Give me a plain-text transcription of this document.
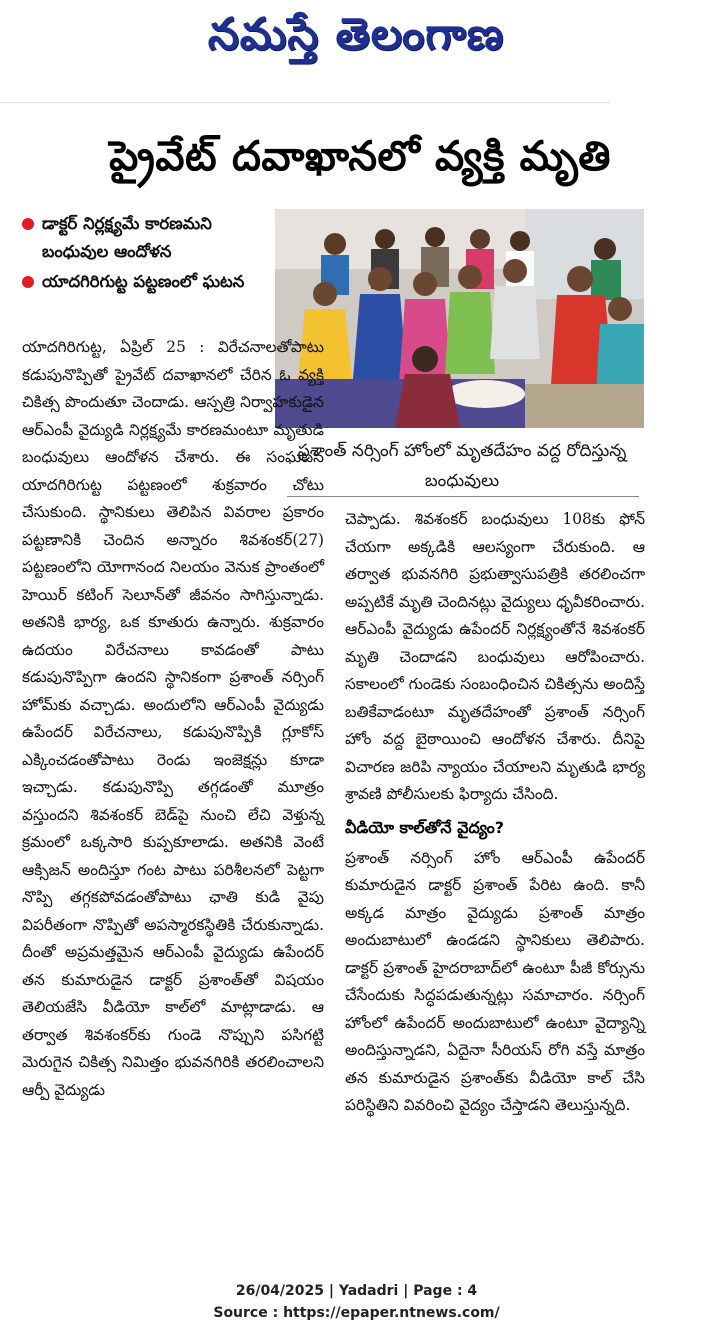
నమస్తే తెలంగాణ
ప్రైవేట్ దవాఖానలో వ్యక్తి మృతి
డాక్టర్ నిర్లక్ష్యమే కారణమని బంధువుల ఆందోళన
యాదగిరిగుట్ట పట్టణంలో ఘటన
ప్రశాంత్ నర్సింగ్ హోంలో మృతదేహం వద్ద రోదిస్తున్న బంధువులు
యాదగిరిగుట్ట, ఏప్రిల్ 25 : విరేచనాలతోపాటు కడుపునొప్పితో ప్రైవేట్ దవాఖానలో చేరిన ఓ వ్యక్తి చికిత్స పొందుతూ చెందాడు. ఆస్పత్రి నిర్వాహకుడైన ఆర్ఎంపీ వైద్యుడి నిర్లక్ష్యమే కారణమంటూ మృతుడి బంధువులు ఆందోళన చేశారు. ఈ సంఘటన యాదగిరిగుట్ట పట్టణంలో శుక్రవారం చోటు చేసుకుంది. స్థానికులు తెలిపిన వివరాల ప్రకారం పట్టణానికి చెందిన అన్నారం శివశంకర్(27) పట్టణంలోని యోగానంద నిలయం వెనుక ప్రాంతంలో హెయిర్ కటింగ్ సెలూన్‌తో జీవనం సాగిస్తున్నాడు. అతనికి భార్య, ఒక కూతురు ఉన్నారు. శుక్రవారం ఉదయం విరేచనాలు కావడంతో పాటు కడుపునొప్పిగా ఉందని స్థానికంగా ప్రశాంత్ నర్సింగ్ హోమ్‌కు వచ్చాడు. అందులోని ఆర్ఎంపీ వైద్యుడు ఉపేందర్ విరేచనాలు, కడుపునొప్పికి గ్లూకోస్ ఎక్కించడంతోపాటు రెండు ఇంజెక్షన్లు కూడా ఇచ్చాడు. కడుపునొప్పి తగ్గడంతో మూత్రం వస్తుందని శివశంకర్ బెడ్‌పై నుంచి లేచి వెళ్తున్న క్రమంలో ఒక్కసారి కుప్పకూలాడు. అతనికి వెంటే ఆక్సిజన్ అందిస్తూ గంట పాటు పరిశీలనలో పెట్టగా నొప్పి తగ్గకపోవడంతోపాటు ఛాతి కుడి వైపు విపరీతంగా నొప్పితో అపస్మారకస్థితికి చేరుకున్నాడు. దీంతో అప్రమత్తమైన ఆర్ఎంపీ వైద్యుడు ఉపేందర్ తన కుమారుడైన డాక్టర్ ప్రశాంత్‌తో విషయం తెలియజేసి వీడియో కాల్‌లో మాట్లాడాడు. ఆ తర్వాత శివశంకర్‌కు గుండె నొప్పుని పసిగట్టి మెరుగైన చికిత్స నిమిత్తం భువనగిరికి తరలించాలని ఆర్పీ వైద్యుడు

చెప్పాడు. శివశంకర్ బంధువులు 108కు ఫోన్ చేయగా అక్కడికి ఆలస్యంగా చేరుకుంది. ఆ తర్వాత భువనగిరి ప్రభుత్వాసుపత్రికి తరలించగా అప్పటికే మృతి చెందినట్లు వైద్యులు ధృవీకరించారు. ఆర్ఎంపీ వైద్యుడు ఉపేందర్ నిర్లక్ష్యంతోనే శివశంకర్ మృతి చెందాడని బంధువులు ఆరోపించారు. సకాలంలో గుండెకు సంబంధించిన చికిత్సను అందిస్తే బతికేవాడంటూ మృతదేహంతో ప్రశాంత్ నర్సింగ్ హోం వద్ద బైఠాయించి ఆందోళన చేశారు. దీనిపై విచారణ జరిపి న్యాయం చేయాలని మృతుడి భార్య శ్రావణి పోలీసులకు ఫిర్యాదు చేసింది.

వీడియో కాల్‌తోనే వైద్యం?

ప్రశాంత్ నర్సింగ్ హోం ఆర్ఎంపీ ఉపేందర్ కుమారుడైన డాక్టర్ ప్రశాంత్ పేరిట ఉంది. కానీ అక్కడ మాత్రం వైద్యుడు ప్రశాంత్ మాత్రం అందుబాటులో ఉండడని స్థానికులు తెలిపారు. డాక్టర్ ప్రశాంత్ హైదరాబాద్‌లో ఉంటూ పీజీ కోర్సును చేసేందుకు సిద్ధపడుతున్నట్లు సమాచారం. నర్సింగ్ హోంలో ఉపేందర్ అందుబాటులో ఉంటూ వైద్యాన్ని అందిస్తున్నాడని, ఏదైనా సీరియస్ రోగి వస్తే మాత్రం తన కుమారుడైన ప్రశాంత్‌కు వీడియో కాల్ చేసి పరిస్థితిని వివరించి వైద్యం చేస్తాడని తెలుస్తున్నది.

26/04/2025 | Yadadri | Page : 4
Source : https://epaper.ntnews.com/
